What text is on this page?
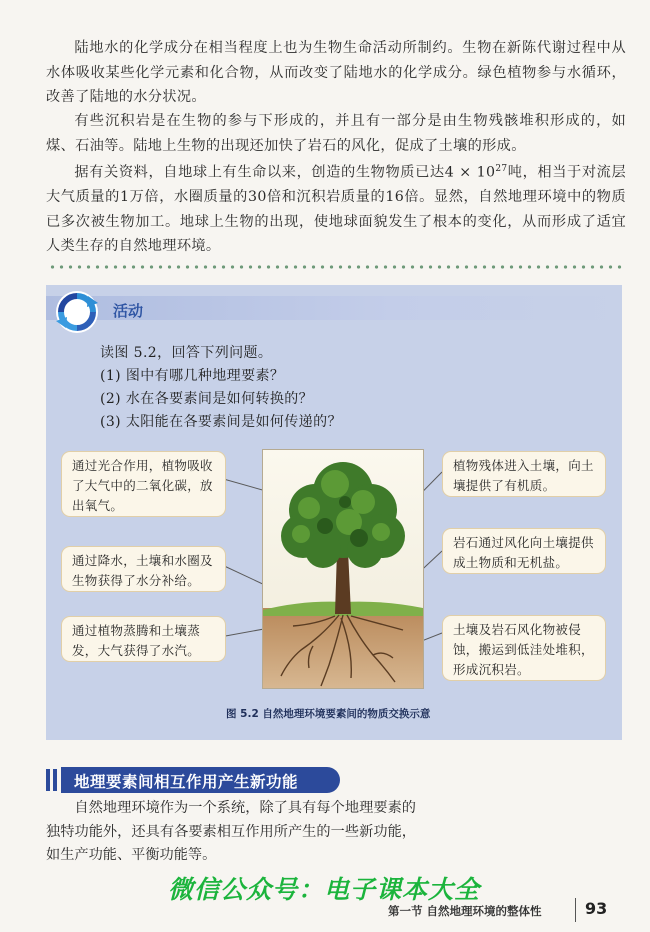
陆地水的化学成分在相当程度上也为生物生命活动所制约。生物在新陈代谢过程中从水体吸收某些化学元素和化合物，从而改变了陆地水的化学成分。绿色植物参与水循环，改善了陆地的水分状况。

有些沉积岩是在生物的参与下形成的，并且有一部分是由生物残骸堆积形成的，如煤、石油等。陆地上生物的出现还加快了岩石的风化，促成了土壤的形成。

据有关资料，自地球上有生命以来，创造的生物物质已达$4 \times 10^{27}$吨，相当于对流层大气质量的1万倍，水圈质量的30倍和沉积岩质量的16倍。显然，自然地理环境中的物质已多次被生物加工。地球上生物的出现，使地球面貌发生了根本的变化，从而形成了适宜人类生存的自然地理环境。

活动
读图 5.2，回答下列问题。
(1) 图中有哪几种地理要素？
(2) 水在各要素间是如何转换的？
(3) 太阳能在各要素间是如何传递的？
通过光合作用，植物吸收了大气中的二氧化碳，放出氧气。
通过降水，土壤和水圈及生物获得了水分补给。
通过植物蒸腾和土壤蒸发，大气获得了水汽。
植物残体进入土壤，向土壤提供了有机质。
岩石通过风化向土壤提供成土物质和无机盐。
土壤及岩石风化物被侵蚀，搬运到低洼处堆积，形成沉积岩。
图 5.2 自然地理环境要素间的物质交换示意
地理要素间相互作用产生新功能

自然地理环境作为一个系统，除了具有每个地理要素的独特功能外，还具有各要素相互作用所产生的一些新功能，如生产功能、平衡功能等。

微信公众号：电子课本大全
第一节 自然地理环境的整体性	93
